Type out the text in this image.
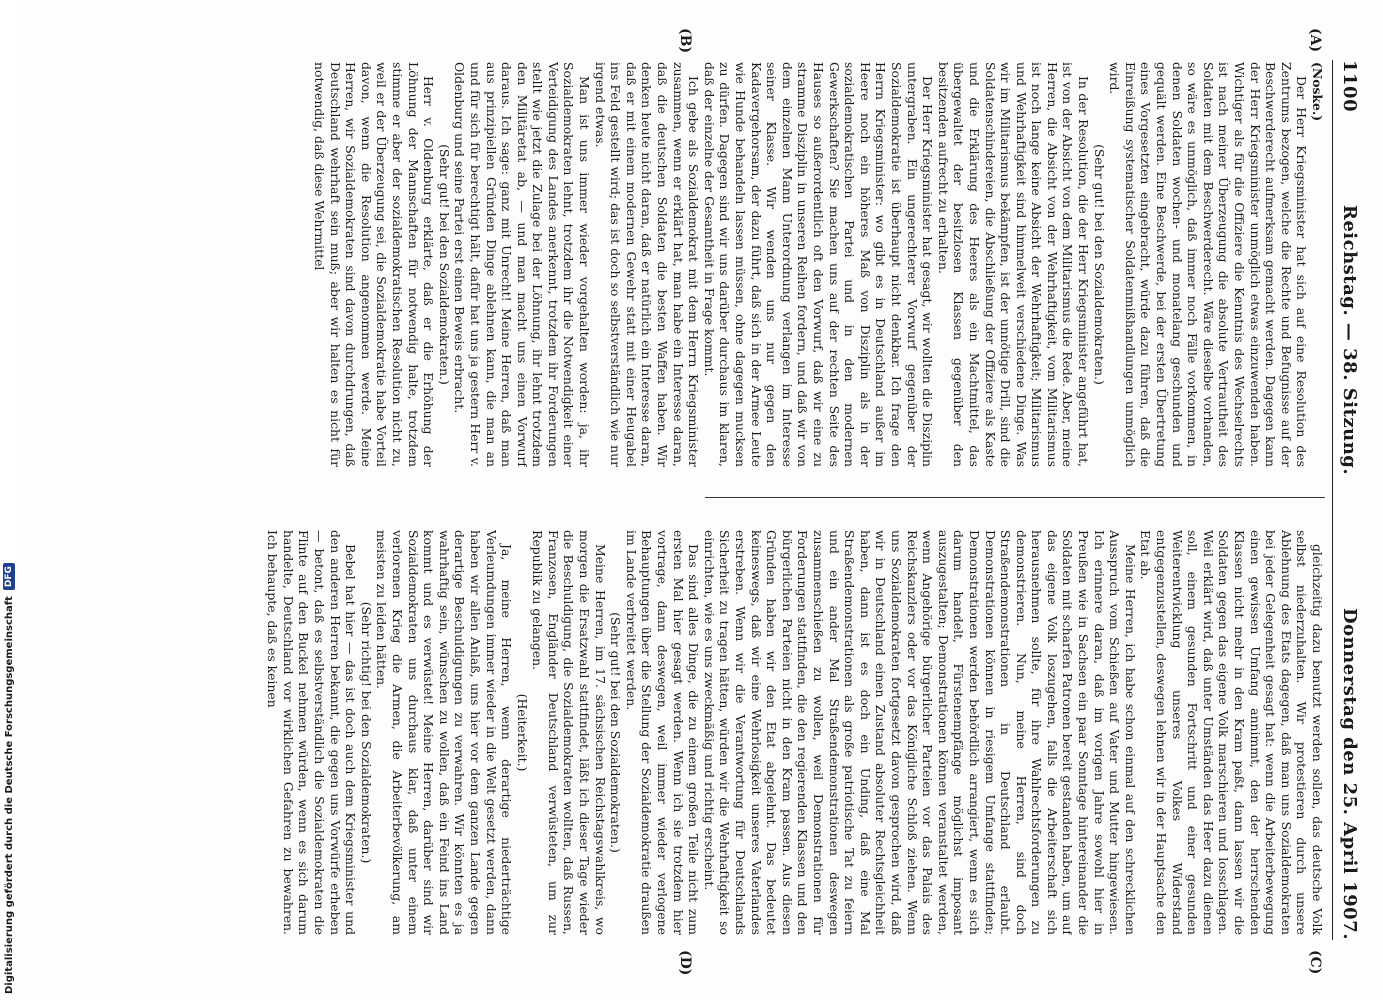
1100
Reichstag. — 38. Sitzung.
Donnerstag den 25. April 1907.
(A)
(B)
(C)
(D)

(Noske.)

Der Herr Kriegsminister hat sich auf eine Resolution des Zentrums bezogen, welche die Rechte und Befugnisse auf der Beschwerderecht aufmerksam gemacht werden. Dagegen kann der Herr Kriegsminister unmöglich etwas einzuwenden haben. Wichtiger als für die Offiziere die Kenntnis des Wechselrechts ist nach meiner Überzeugung die absolute Vertrautheit des Soldaten mit dem Beschwerderecht. Wäre dieselbe vorhanden, so wäre es unmöglich, daß immer noch Fälle vorkommen, in denen Soldaten wochen- und monatelang geschunden und gequält werden. Eine Beschwerde, bei der ersten Übertretung eines Vorgesetzten eingebracht, würde dazu führen, daß die Einreißung systematischer Soldatenmißhandlungen unmöglich wird.

(Sehr gut! bei den Sozialdemokraten.)

In der Resolution, die der Herr Kriegsminister angeführt hat, ist von der Absicht von dem Militarismus die Rede. Aber, meine Herren, die Absicht von der Wehrhaftigkeit, vom Militarismus ist noch lange keine Absicht der Wehrhaftigkeit; Militarismus und Wehrhaftigkeit sind himmelweit verschiedene Dinge. Was wir im Militarismus bekämpfen, ist der unnötige Drill, sind die Soldatenschindereien, die Abschließung der Offiziere als Kaste und die Erklärung des Heeres als ein Machtmittel, das übergewaltet der besitzlosen Klassen gegenüber den besitzenden aufrecht zu erhalten.

Der Herr Kriegsminister hat gesagt, wir wollten die Disziplin untergraben. Ein ungerechterer Vorwurf gegenüber der Sozialdemokratie ist überhaupt nicht denkbar. Ich frage den Herrn Kriegsminister: wo gibt es in Deutschland außer im Heere noch ein höheres Maß von Disziplin als in der sozialdemokratischen Partei und in den modernen Gewerkschaften? Sie machen uns auf der rechten Seite des Hauses so außerordentlich oft den Vorwurf, daß wir eine zu stramme Disziplin in unseren Reihen fordern, und daß wir von dem einzelnen Mann Unterordnung verlangen im Interesse seiner Klasse. Wir wenden uns nur gegen den Kadavergehorsam, der dazu führt, daß sich in der Armee Leute wie Hunde behandeln lassen müssen, ohne dagegen mucksen zu dürfen. Dagegen sind wir uns darüber durchaus im klaren, daß der einzelne der Gesamtheit in Frage kommt.

Ich gebe als Sozialdemokrat mit dem Herrn Kriegsminister zusammen, wenn er erklärt hat, man habe ein Interesse daran, daß die deutschen Soldaten die besten Waffen haben. Wir denken heute nicht daran, daß er natürlich ein Interesse daran, daß er mit einem modernen Gewehr statt mit einer Heugabel ins Feld gestellt wird; das ist doch so selbstverständlich wie nur irgend etwas.

Man ist uns immer wieder vorgehalten worden: ja, ihr Sozialdemokraten lehnt, trotzdem ihr die Notwendigkeit einer Verteidigung des Landes anerkennt, trotzdem ihr Forderungen stellt wie jetzt die Zulage bei der Löhnung, ihr lehnt trotzdem den Militäretat ab, — und man macht uns einen Vorwurf daraus. Ich sage: ganz mit Unrecht! Meine Herren, daß man aus prinzipiellen Gründen Dinge ablehnen kann, die man an und für sich für berechtigt hält, dafür hat uns ja gestern Herr v. Oldenburg und seine Partei erst einen Beweis erbracht.

(Sehr gut! bei den Sozialdemokraten.)

Herr v. Oldenburg erklärte, daß er die Erhöhung der Löhnung der Mannschaften für notwendig halte, trotzdem stimme er aber der sozialdemokratischen Resolution nicht zu, weil er der Überzeugung sei, die Sozialdemokratie habe Vorteil davon, wenn die Resolution angenommen werde. Meine Herren, wir Sozialdemokraten sind davon durchdrungen, daß Deutschland wehrhaft sein muß; aber wir halten es nicht für notwendig, daß diese Wehrmittel

gleichzeitig dazu benutzt werden sollen, das deutsche Volk selbst niederzuhalten. Wir protestieren durch unsere Ablehnung des Etats dagegen, daß man uns Sozialdemokraten bei jeder Gelegenheit gesagt hat: wenn die Arbeiterbewegung einen gewissen Umfang annimmt, den der herrschenden Klassen nicht mehr in den Kram paßt, dann lassen wir die Soldaten gegen das eigene Volk marschieren und losschlagen. Weil erklärt wird, daß unter Umständen das Heer dazu dienen soll, einem gesunden Fortschritt und einer gesunden Weiterentwicklung unseres Volkes Widerstand entgegenzustellen, deswegen lehnen wir in der Hauptsache den Etat ab.

Meine Herren, ich habe schon einmal auf den schrecklichen Ausspruch vom Schießen auf Vater und Mutter hingewiesen. Ich erinnere daran, daß im vorigen Jahre sowohl hier in Preußen wie in Sachsen ein paar Sonntage hintereinander die Soldaten mit scharfen Patronen bereit gestanden haben, um auf das eigene Volk loszugehen, falls die Arbeiterschaft sich herausnehmen sollte, für ihre Wahlrechtsforderungen zu demonstrieren. Nun, meine Herren, sind doch Straßendemonstrationen in Deutschland erlaubt. Demonstrationen können in riesigem Umfange stattfinden; Demonstrationen werden behördlich arrangiert, wenn es sich darum handelt, Fürstenempfänge möglichst imposant auszugestalten; Demonstrationen können veranstaltet werden, wenn Angehörige bürgerlicher Parteien vor das Palais des Reichskanzlers oder vor das Königliche Schloß ziehen. Wenn uns Sozialdemokraten fortgesetzt davon gesprochen wird, daß wir in Deutschland einen Zustand absoluter Rechtsgleichheit haben, dann ist es doch ein Unding, daß eine Mal Straßendemonstrationen als große patriotische Tat zu feiern und ein ander Mal Straßendemonstrationen deswegen zusammenschießen zu wollen, weil Demonstrationen für Forderungen stattfinden, die den regierenden Klassen und den bürgerlichen Parteien nicht in den Kram passen. Aus diesen Gründen haben wir den Etat abgelehnt. Das bedeutet keineswegs, daß wir eine Wehrlosigkeit unseres Vaterlandes erstreben. Wenn wir die Verantwortung für Deutschlands Sicherheit zu tragen hätten, würden wir die Wehrhaftigkeit so einrichten, wie es uns zweckmäßig und richtig erscheint.

Das sind alles Dinge, die zu einem großen Teile nicht zum ersten Mal hier gesagt werden. Wenn ich sie trotzdem hier vortrage, dann deswegen, weil immer wieder verlogene Behauptungen über die Stellung der Sozialdemokratie draußen im Lande verbreitet werden.

(Sehr gut! bei den Sozialdemokraten.)

Meine Herren, im 17. sächsischen Reichstagswahlkreis, wo morgen die Ersatzwahl stattfindet, läßt ich dieser Tage wieder die Beschuldigung, die Sozialdemokraten wollten, daß Russen, Franzosen, Engländer Deutschland verwüsteten, um zur Republik zu gelangen.

(Heiterkeit.)

Ja, meine Herren, wenn derartige niederträchtige Verleumdungen immer wieder in die Welt gesetzt werden, dann haben wir allen Anlaß, uns hier vor dem ganzen Lande gegen derartige Beschuldigungen zu verwahren. Wir könnten es ja wahrhaftig sein, wünschen zu wollen, daß ein Feind ins Land kommt und es verwüstet! Meine Herren, darüber sind wir Sozialdemokraten uns durchaus klar, daß unter einem verlorenen Krieg die Armen, die Arbeiterbevölkerung, am meisten zu leiden hätten.

(Sehr richtig! bei den Sozialdemokraten.)

Bebel hat hier — das ist doch auch dem Kriegsminister und den anderen Herren bekannt, die gegen uns Vorwürfe erheben — betont, daß es selbstverständlich die Sozialdemokraten die Flinte auf den Buckel nehmen würden, wenn es sich darum handelte, Deutschland vor wirklichen Gefahren zu bewahren. Ich behaupte, daß es keinen

Digitalisierung gefördert durch die Deutsche Forschungsgemeinschaft
DFG
